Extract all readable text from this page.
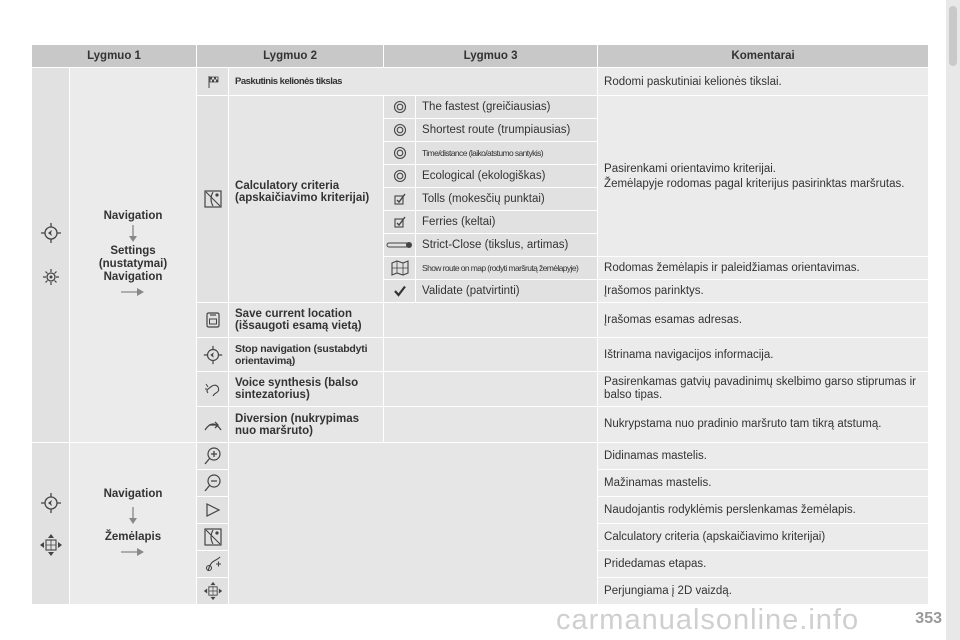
Lygmuo 1		Lygmuo 2		Lygmuo 3		Komentarai

Navigation
Settings
(nustatymai)
Navigation		Paskutinis kelionės tikslas			Rodomi paskutiniai kelionės tikslai.

	Calculatory criteria (apskaičiavimo kriterijai)		The fastest (greičiausias)	Pasirenkami orientavimo kriterijai.
Žemėlapyje rodomas pagal kriterijus pasirinktas maršrutas.

	Shortest route (trumpiausias)	

	Time/distance (laiko/atstumo santykis)	

	Ecological (ekologiškas)	

	Tolls (mokesčių punktai)	

	Ferries (keltai)	

	Strict-Close (tikslus, artimas)	

	Show route on map (rodyti maršrutą žemėlapyje)	Rodomas žemėlapis ir paleidžiamas orientavimas.

	Validate (patvirtinti)	Įrašomos parinktys.

	Save current location (išsaugoti esamą vietą)			Įrašomas esamas adresas.

	Stop navigation (sustabdyti orientavimą)			Ištrinama navigacijos informacija.

	Voice synthesis (balso sintezatorius)			Pasirenkamas gatvių pavadinimų skelbimo garso stiprumas ir balso tipas.

	Diversion (nukrypimas nuo maršruto)			Nukrypstama nuo pradinio maršruto tam tikrą atstumą.

Navigation
Žemėlapis					Didinamas mastelis.

	Mažinamas mastelis.

	Naudojantis rodyklėmis perslenkamas žemėlapis.

	Calculatory criteria (apskaičiavimo kriterijai)

	Pridedamas etapas.

	Perjungiama į 2D vaizdą.
353
carmanualsonline.info
